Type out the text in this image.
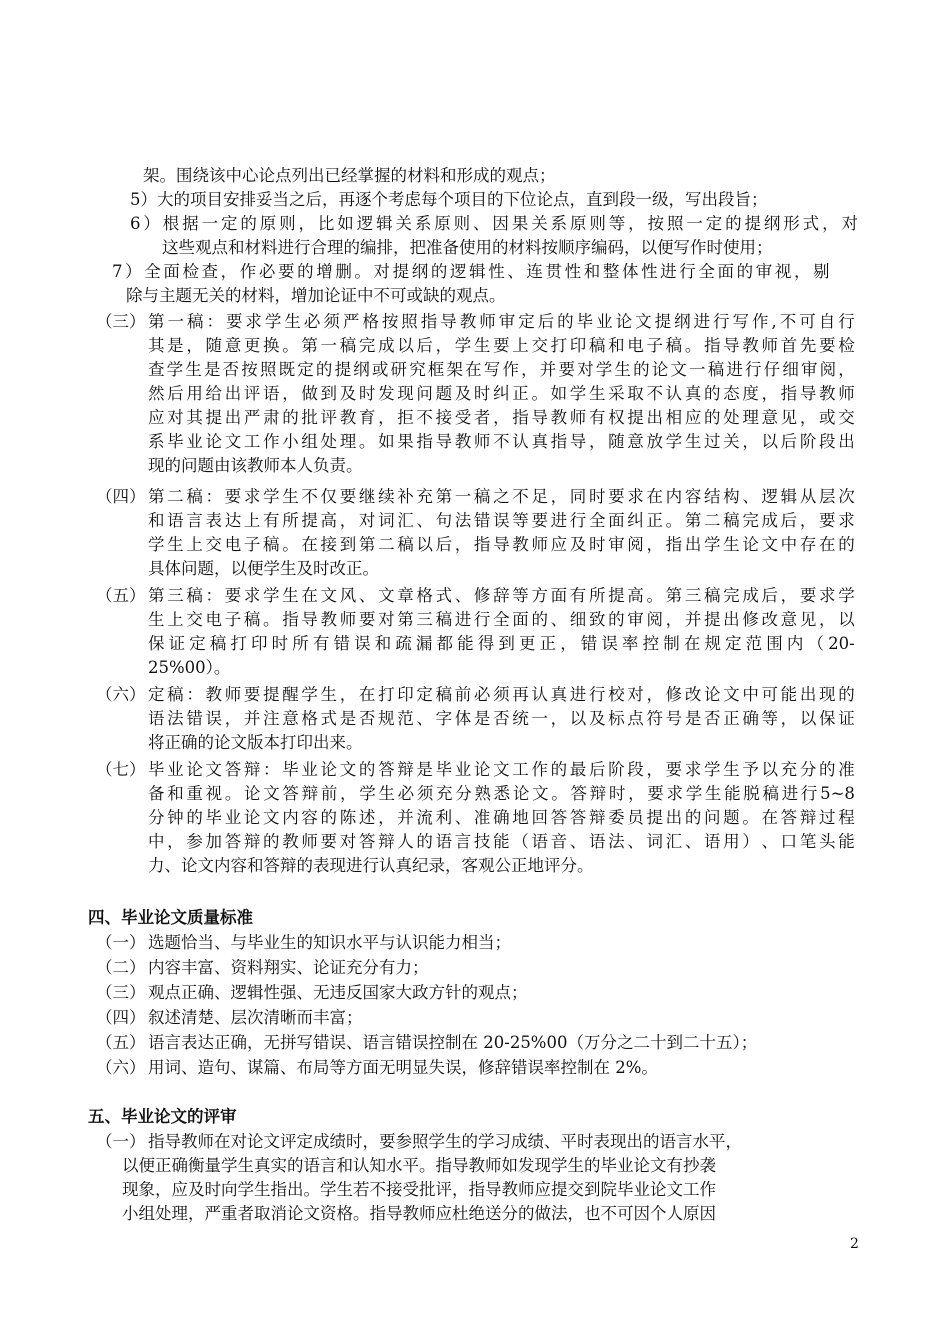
架。围绕该中心论点列出已经掌握的材料和形成的观点；
5）大的项目安排妥当之后，再逐个考虑每个项目的下位论点，直到段一级，写出段旨；
6 ） 根 据 一 定 的 原 则 ， 比 如 逻 辑 关 系 原 则 、 因 果 关 系 原 则 等 ， 按 照 一 定 的 提 纲 形 式 ， 对
这些观点和材料进行合理的编排，把准备使用的材料按顺序编码，以便写作时使用；
7 ） 全 面 检 查 ， 作 必 要 的 增 删 。 对 提 纲 的 逻 辑 性 、 连 贯 性 和 整 体 性 进 行 全 面 的 审 视 ， 剔
除与主题无关的材料，增加论证中不可或缺的观点。
（三） 第 一 稿 ： 要 求 学 生 必 须 严 格 按 照 指 导 教 师 审 定 后 的 毕 业 论 文 提 纲 进 行 写 作 , 不 可 自 行
其 是 ， 随 意 更 换 。 第 一 稿 完 成 以 后 ， 学 生 要 上 交 打 印 稿 和 电 子 稿 。 指 导 教 师 首 先 要 检
查 学 生 是 否 按 照 既 定 的 提 纲 或 研 究 框 架 在 写 作 ， 并 要 对 学 生 的 论 文 一 稿 进 行 仔 细 审 阅 ，
然 后 用 给 出 评 语 ， 做 到 及 时 发 现 问 题 及 时 纠 正 。 如 学 生 采 取 不 认 真 的 态 度 ， 指 导 教 师
应 对 其 提 出 严 肃 的 批 评 教 育 ， 拒 不 接 受 者 ， 指 导 教 师 有 权 提 出 相 应 的 处 理 意 见 ， 或 交
系 毕 业 论 文 工 作 小 组 处 理 。 如 果 指 导 教 师 不 认 真 指 导 ， 随 意 放 学 生 过 关 ， 以 后 阶 段 出
现的问题由该教师本人负责。
（四） 第 二 稿 ： 要 求 学 生 不 仅 要 继 续 补 充 第 一 稿 之 不 足 ， 同 时 要 求 在 内 容 结 构 、 逻 辑 从 层 次
和 语 言 表 达 上 有 所 提 高 ， 对 词 汇 、 句 法 错 误 等 要 进 行 全 面 纠 正 。 第 二 稿 完 成 后 ， 要 求
学 生 上 交 电 子 稿 。 在 接 到 第 二 稿 以 后 ， 指 导 教 师 应 及 时 审 阅 ， 指 出 学 生 论 文 中 存 在 的
具体问题，以便学生及时改正。
（五） 第 三 稿 ： 要 求 学 生 在 文 风 、 文 章 格 式 、 修 辞 等 方 面 有 所 提 高 。 第 三 稿 完 成 后 ， 要 求 学
生 上 交 电 子 稿 。 指 导 教 师 要 对 第 三 稿 进 行 全 面 的 、 细 致 的 审 阅 ， 并 提 出 修 改 意 见 ， 以
保 证 定 稿 打 印 时 所 有 错 误 和 疏 漏 都 能 得 到 更 正 ， 错 误 率 控 制 在 规 定 范 围 内 （ 20-
25%00）。
（六） 定 稿 ： 教 师 要 提 醒 学 生 ， 在 打 印 定 稿 前 必 须 再 认 真 进 行 校 对 ， 修 改 论 文 中 可 能 出 现 的
语 法 错 误 ， 并 注 意 格 式 是 否 规 范 、 字 体 是 否 统 一 ， 以 及 标 点 符 号 是 否 正 确 等 ， 以 保 证
将正确的论文版本打印出来。
（七） 毕 业 论 文 答 辩 ： 毕 业 论 文 的 答 辩 是 毕 业 论 文 工 作 的 最 后 阶 段 ， 要 求 学 生 予 以 充 分 的 准
备 和 重 视 。 论 文 答 辩 前 ， 学 生 必 须 充 分 熟 悉 论 文 。 答 辩 时 ， 要 求 学 生 能 脱 稿 进 行 5~8
分 钟 的 毕 业 论 文 内 容 的 陈 述 ， 并 流 利 、 准 确 地 回 答 答 辩 委 员 提 出 的 问 题 。 在 答 辩 过 程
中 ， 参 加 答 辩 的 教 师 要 对 答 辩 人 的 语 言 技 能 （ 语 音 、 语 法 、 词 汇 、 语 用 ） 、 口 笔 头 能
力、论文内容和答辩的表现进行认真纪录，客观公正地评分。
四、毕业论文质量标准
（一） 选题恰当、与毕业生的知识水平与认识能力相当；
（二） 内容丰富、资料翔实、论证充分有力；
（三） 观点正确、逻辑性强、无违反国家大政方针的观点；
（四） 叙述清楚、层次清晰而丰富；
（五） 语言表达正确，无拼写错误、语言错误控制在 20-25%00（万分之二十到二十五）；
（六） 用词、造句、谋篇、布局等方面无明显失误，修辞错误率控制在 2%。
五、毕业论文的评审
（一） 指导教师在对论文评定成绩时，要参照学生的学习成绩、平时表现出的语言水平，
以便正确衡量学生真实的语言和认知水平。指导教师如发现学生的毕业论文有抄袭
现象，应及时向学生指出。学生若不接受批评，指导教师应提交到院毕业论文工作
小组处理，严重者取消论文资格。指导教师应杜绝送分的做法，也不可因个人原因
2
